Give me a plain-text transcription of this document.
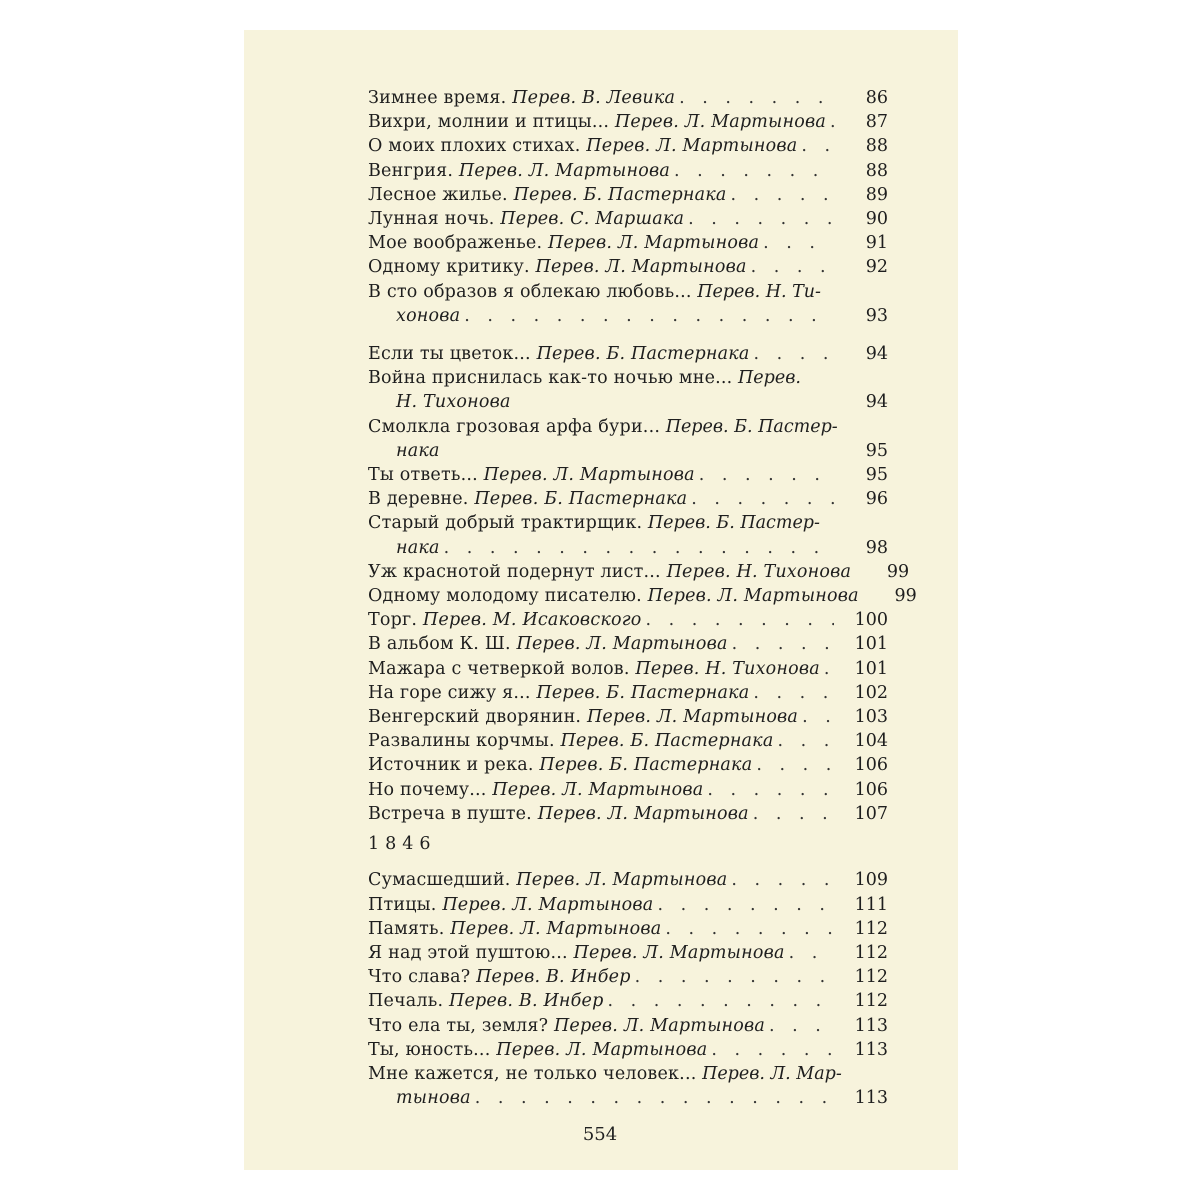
Зимнее время. Перев. В. Левика . . .	86
Вихри, молнии и птицы... Перев. Л. Мартынова . . .	87
О моих плохих стихах. Перев. Л. Мартынова . . .	88
Венгрия. Перев. Л. Мартынова . . .	88
Лесное жилье. Перев. Б. Пастернака . . .	89
Лунная ночь. Перев. С. Маршака . . .	90
Мое воображенье. Перев. Л. Мартынова . . .	91
Одному критику. Перев. Л. Мартынова . . .	92
В сто образов я облекаю любовь... Перев. Н. Ти-
хонова . . .	93
Если ты цветок... Перев. Б. Пастернака . . .	94
Война приснилась как-то ночью мне... Перев.
Н. Тихонова	94
Смолкла грозовая арфа бури... Перев. Б. Пастер-
нака	95
Ты ответь... Перев. Л. Мартынова . . .	95
В деревне. Перев. Б. Пастернака . . .	96
Старый добрый трактирщик. Перев. Б. Пастер-
нака . . .	98
Уж краснотой подернут лист... Перев. Н. Тихонова	99
Одному молодому писателю. Перев. Л. Мартынова	99
Торг. Перев. М. Исаковского . . .	100
В альбом К. Ш. Перев. Л. Мартынова . . .	101
Мажара с четверкой волов. Перев. Н. Тихонова . . .	101
На горе сижу я... Перев. Б. Пастернака . . .	102
Венгерский дворянин. Перев. Л. Мартынова . . .	103
Развалины корчмы. Перев. Б. Пастернака . . .	104
Источник и река. Перев. Б. Пастернака . . .	106
Но почему... Перев. Л. Мартынова . . .	106
Встреча в пуште. Перев. Л. Мартынова . . .	107
1846
Сумасшедший. Перев. Л. Мартынова . . .	109
Птицы. Перев. Л. Мартынова . . .	111
Память. Перев. Л. Мартынова . . .	112
Я над этой пуштою... Перев. Л. Мартынова . . .	112
Что слава? Перев. В. Инбер . . .	112
Печаль. Перев. В. Инбер . . .	112
Что ела ты, земля? Перев. Л. Мартынова . . .	113
Ты, юность... Перев. Л. Мартынова . . .	113
Мне кажется, не только человек... Перев. Л. Мар-
тынова . . .	113
554
